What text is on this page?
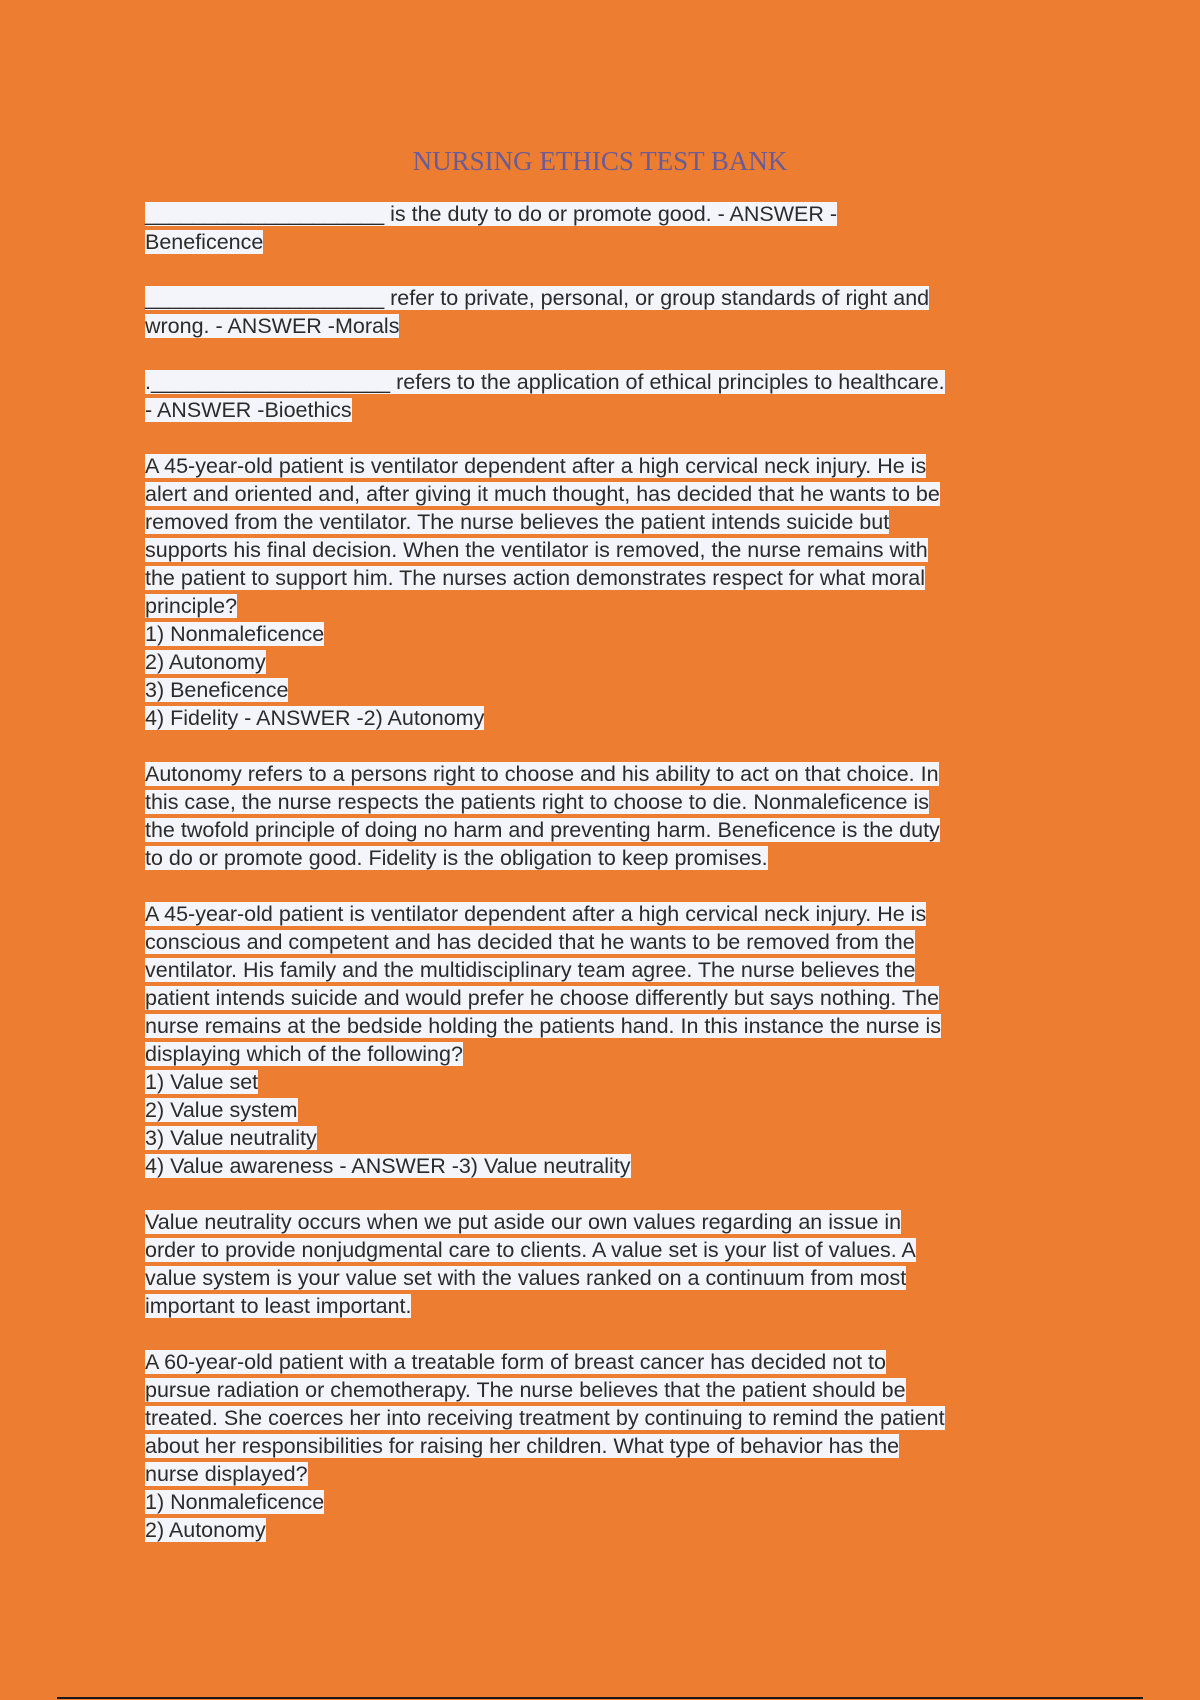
NURSING ETHICS TEST BANK
____________________ is the duty to do or promote good. - ANSWER -
Beneficence
____________________ refer to private, personal, or group standards of right and
wrong. - ANSWER -Morals
.____________________ refers to the application of ethical principles to healthcare.
- ANSWER -Bioethics
A 45-year-old patient is ventilator dependent after a high cervical neck injury. He is
alert and oriented and, after giving it much thought, has decided that he wants to be
removed from the ventilator. The nurse believes the patient intends suicide but
supports his final decision. When the ventilator is removed, the nurse remains with
the patient to support him. The nurses action demonstrates respect for what moral
principle?
1) Nonmaleficence
2) Autonomy
3) Beneficence
4) Fidelity - ANSWER -2) Autonomy
Autonomy refers to a persons right to choose and his ability to act on that choice. In
this case, the nurse respects the patients right to choose to die. Nonmaleficence is
the twofold principle of doing no harm and preventing harm. Beneficence is the duty
to do or promote good. Fidelity is the obligation to keep promises.
A 45-year-old patient is ventilator dependent after a high cervical neck injury. He is
conscious and competent and has decided that he wants to be removed from the
ventilator. His family and the multidisciplinary team agree. The nurse believes the
patient intends suicide and would prefer he choose differently but says nothing. The
nurse remains at the bedside holding the patients hand. In this instance the nurse is
displaying which of the following?
1) Value set
2) Value system
3) Value neutrality
4) Value awareness - ANSWER -3) Value neutrality
Value neutrality occurs when we put aside our own values regarding an issue in
order to provide nonjudgmental care to clients. A value set is your list of values. A
value system is your value set with the values ranked on a continuum from most
important to least important.
A 60-year-old patient with a treatable form of breast cancer has decided not to
pursue radiation or chemotherapy. The nurse believes that the patient should be
treated. She coerces her into receiving treatment by continuing to remind the patient
about her responsibilities for raising her children. What type of behavior has the
nurse displayed?
1) Nonmaleficence
2) Autonomy
